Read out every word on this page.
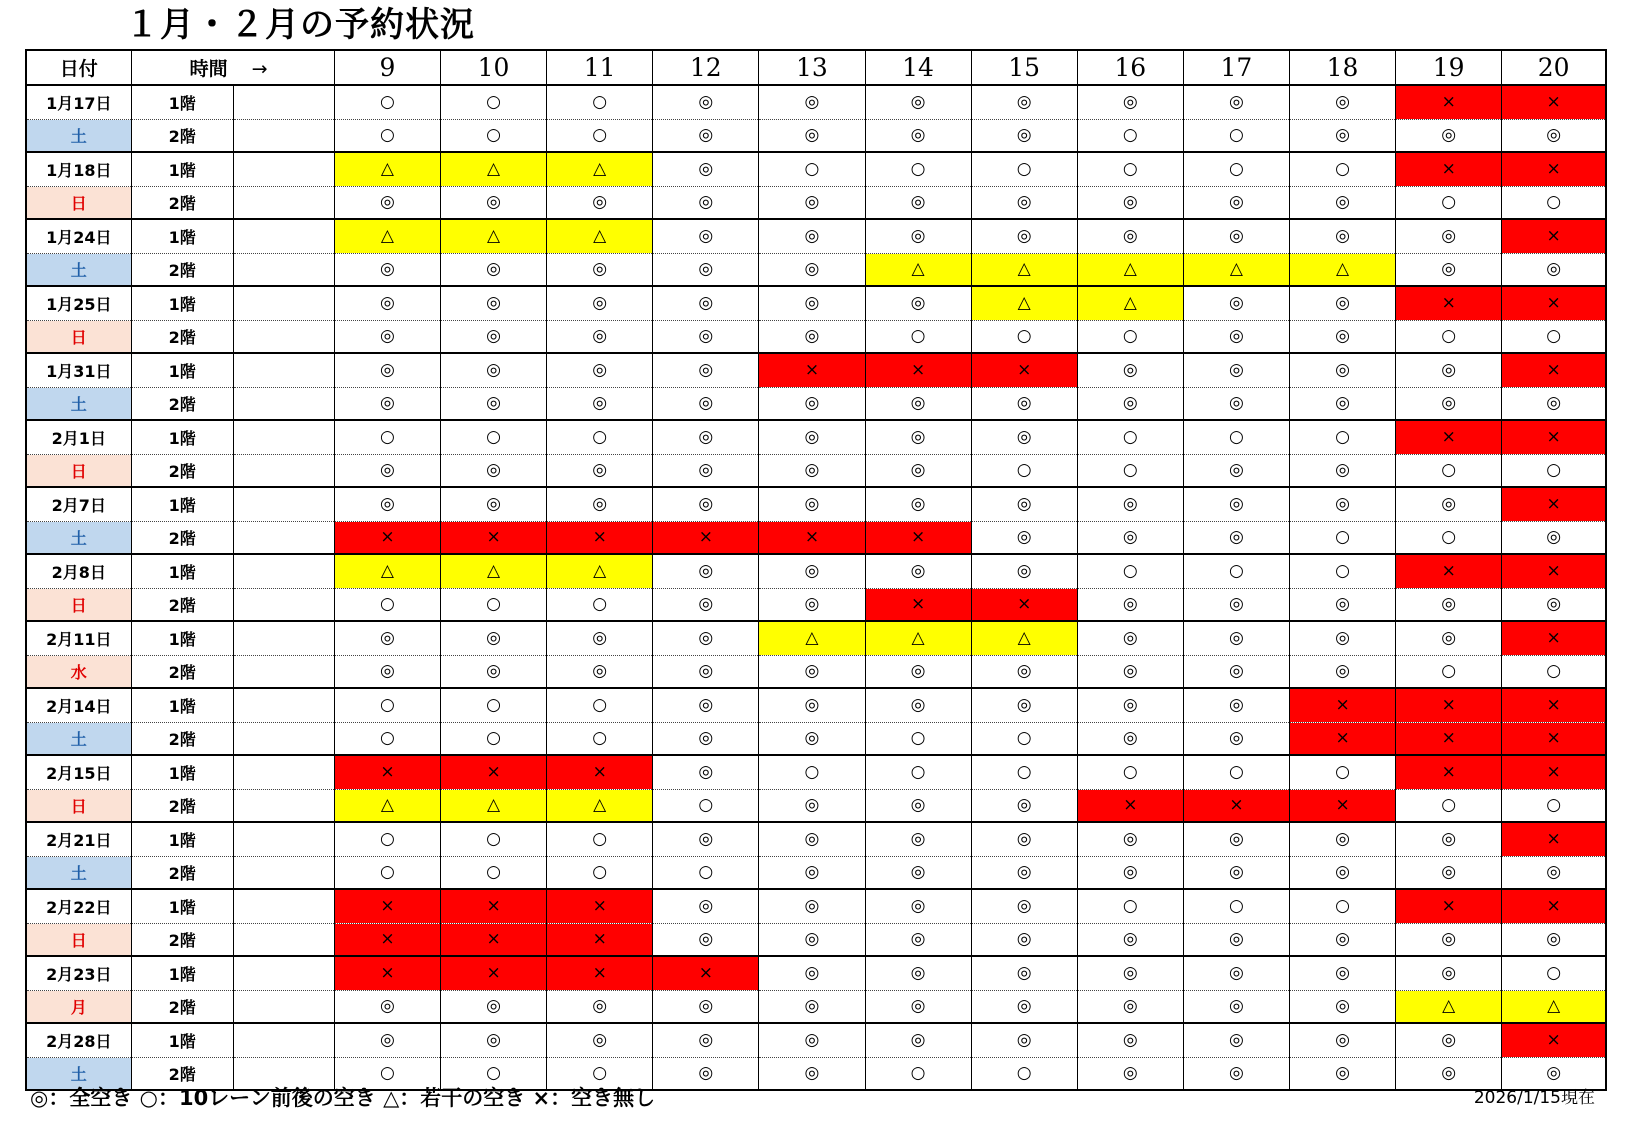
１月・２月の予約状況
日付	時間 →		9	10	11	12	13	14	15	16	17	18	19	20
1月17日	1階		○	○	○	◎	◎	◎	◎	◎	◎	◎	×	×
土	2階		○	○	○	◎	◎	◎	◎	○	○	◎	◎	◎
1月18日	1階		△	△	△	◎	○	○	○	○	○	○	×	×
日	2階		◎	◎	◎	◎	◎	◎	◎	◎	◎	◎	○	○
1月24日	1階		△	△	△	◎	◎	◎	◎	◎	◎	◎	◎	×
土	2階		◎	◎	◎	◎	◎	△	△	△	△	△	◎	◎
1月25日	1階		◎	◎	◎	◎	◎	◎	△	△	◎	◎	×	×
日	2階		◎	◎	◎	◎	◎	○	○	○	◎	◎	○	○
1月31日	1階		◎	◎	◎	◎	×	×	×	◎	◎	◎	◎	×
土	2階		◎	◎	◎	◎	◎	◎	◎	◎	◎	◎	◎	◎
2月1日	1階		○	○	○	◎	◎	◎	◎	○	○	○	×	×
日	2階		◎	◎	◎	◎	◎	◎	○	○	◎	◎	○	○
2月7日	1階		◎	◎	◎	◎	◎	◎	◎	◎	◎	◎	◎	×
土	2階		×	×	×	×	×	×	◎	◎	◎	○	○	◎
2月8日	1階		△	△	△	◎	◎	◎	◎	○	○	○	×	×
日	2階		○	○	○	◎	◎	×	×	◎	◎	◎	◎	◎
2月11日	1階		◎	◎	◎	◎	△	△	△	◎	◎	◎	◎	×
水	2階		◎	◎	◎	◎	◎	◎	◎	◎	◎	◎	○	○
2月14日	1階		○	○	○	◎	◎	◎	◎	◎	◎	×	×	×
土	2階		○	○	○	◎	◎	○	○	◎	◎	×	×	×
2月15日	1階		×	×	×	◎	○	○	○	○	○	○	×	×
日	2階		△	△	△	○	◎	◎	◎	×	×	×	○	○
2月21日	1階		○	○	○	◎	◎	◎	◎	◎	◎	◎	◎	×
土	2階		○	○	○	○	◎	◎	◎	◎	◎	◎	◎	◎
2月22日	1階		×	×	×	◎	◎	◎	◎	○	○	○	×	×
日	2階		×	×	×	◎	◎	◎	◎	◎	◎	◎	◎	◎
2月23日	1階		×	×	×	×	◎	◎	◎	◎	◎	◎	◎	○
月	2階		◎	◎	◎	◎	◎	◎	◎	◎	◎	◎	△	△
2月28日	1階		◎	◎	◎	◎	◎	◎	◎	◎	◎	◎	◎	×
土	2階		○	○	○	◎	◎	○	○	◎	◎	◎	◎	◎
◎：全空き ○：10レーン前後の空き △：若干の空き ×：空き無し	2026/1/15現在
